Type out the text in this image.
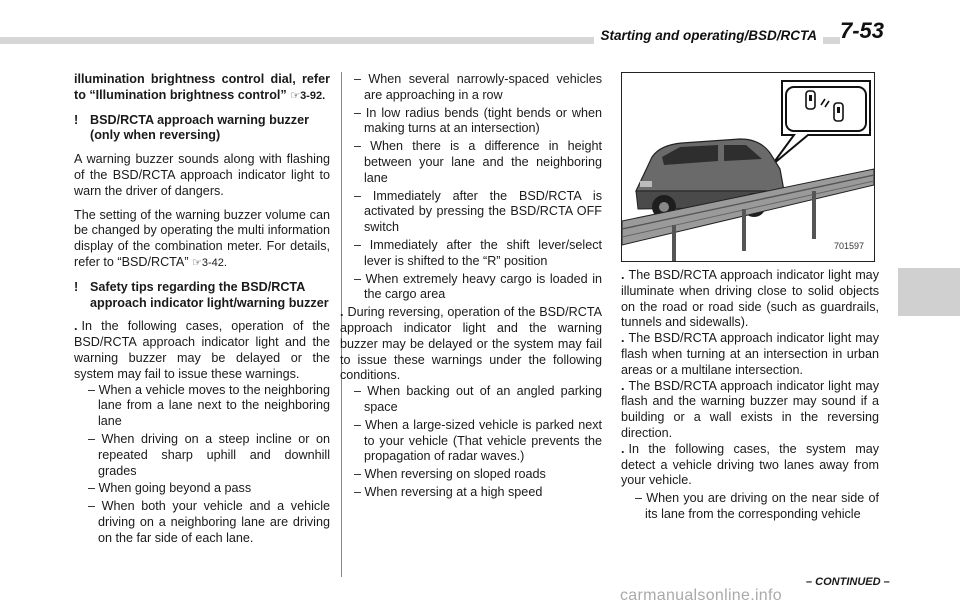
Starting and operating/BSD/RCTA 7-53

illumination brightness control dial, refer to “Illumination brightness control” ☞3-92.

! BSD/RCTA approach warning buzzer (only when reversing)

A warning buzzer sounds along with flashing of the BSD/RCTA approach indicator light to warn the driver of dangers.

The setting of the warning buzzer volume can be changed by operating the multi information display of the combination meter. For details, refer to “BSD/RCTA” ☞3-42.

! Safety tips regarding the BSD/RCTA approach indicator light/warning buzzer

. In the following cases, operation of the BSD/RCTA approach indicator light and the warning buzzer may be delayed or the system may fail to issue these warnings.

– When a vehicle moves to the neighboring lane from a lane next to the neighboring lane
– When driving on a steep incline or on repeated sharp uphill and downhill grades
– When going beyond a pass
– When both your vehicle and a vehicle driving on a neighboring lane are driving on the far side of each lane.
– When several narrowly-spaced vehicles are approaching in a row
– In low radius bends (tight bends or when making turns at an intersection)
– When there is a difference in height between your lane and the neighboring lane
– Immediately after the BSD/RCTA is activated by pressing the BSD/RCTA OFF switch
– Immediately after the shift lever/select lever is shifted to the “R” position
– When extremely heavy cargo is loaded in the cargo area

. During reversing, operation of the BSD/RCTA approach indicator light and the warning buzzer may be delayed or the system may fail to issue these warnings under the following conditions.

– When backing out of an angled parking space
– When a large-sized vehicle is parked next to your vehicle (That vehicle prevents the propagation of radar waves.)
– When reversing on sloped roads
– When reversing at a high speed
701597

. The BSD/RCTA approach indicator light may illuminate when driving close to solid objects on the road or road side (such as guardrails, tunnels and sidewalls).

. The BSD/RCTA approach indicator light may flash when turning at an intersection in urban areas or a multilane intersection.

. The BSD/RCTA approach indicator light may flash and the warning buzzer may sound if a building or a wall exists in the reversing direction.

. In the following cases, the system may detect a vehicle driving two lanes away from your vehicle.

– When you are driving on the near side of its lane from the corresponding vehicle
– CONTINUED –
carmanualsonline.info
